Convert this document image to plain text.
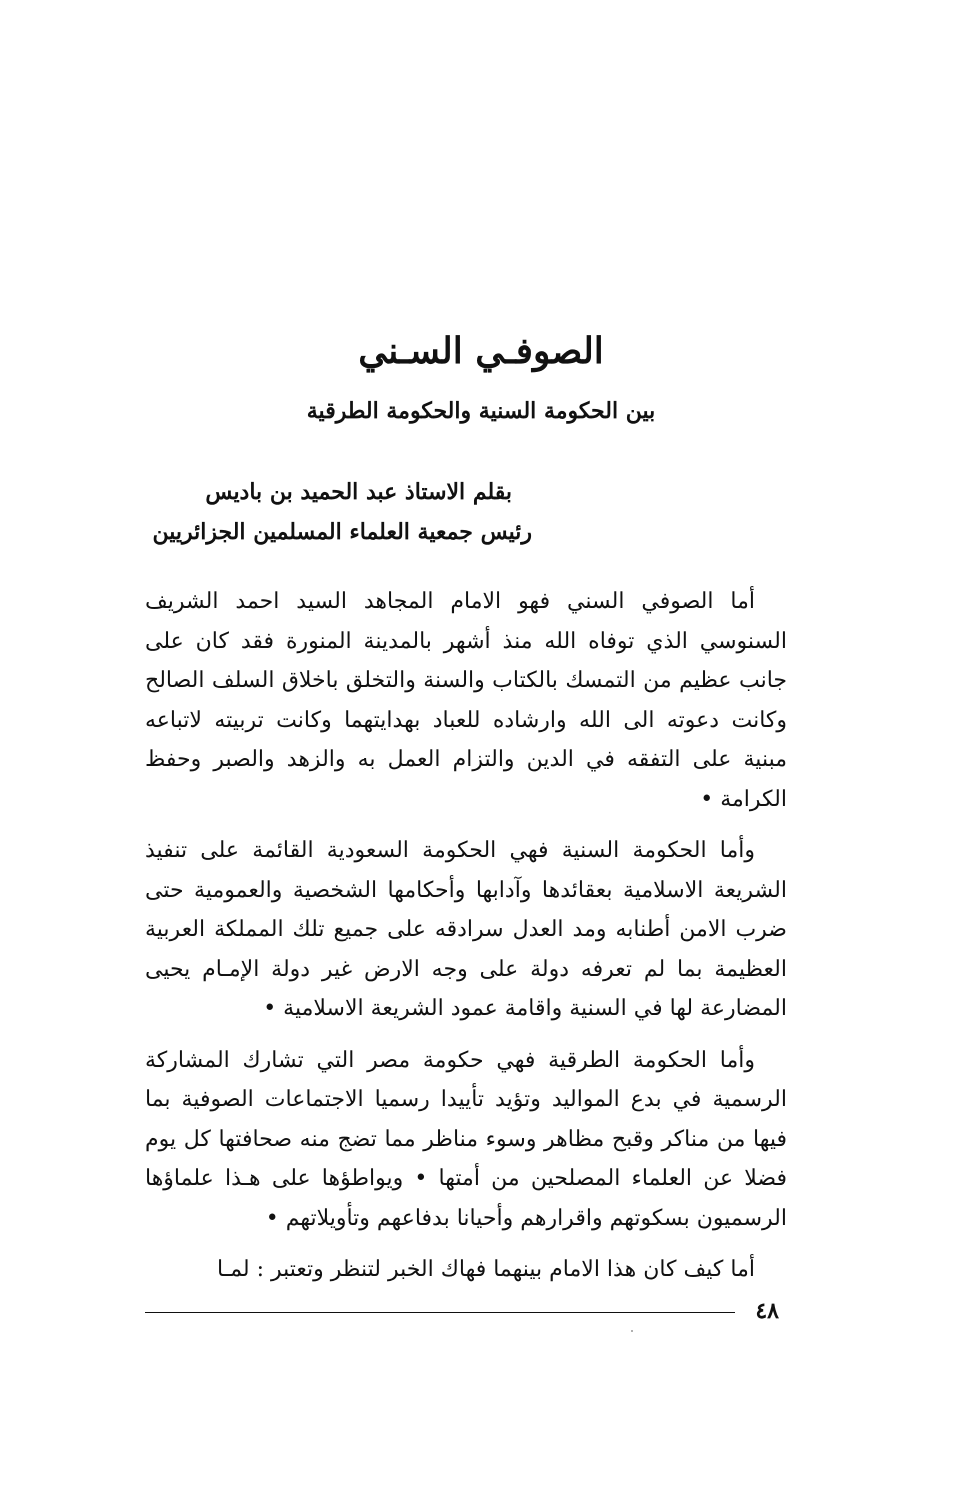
الصوفـي السـني
بين الحكومة السنية والحكومة الطرقية
بقلم الاستاذ عبد الحميد بن باديس
رئيس جمعية العلماء المسلمين الجزائريين

أما الصوفي السني فهو الامام المجاهد السيد احمد الشريف السنوسي الذي توفاه الله منذ أشهر بالمدينة المنورة فقد كان على جانب عظيم من التمسك بالكتاب والسنة والتخلق باخلاق السلف الصالح وكانت دعوته الى الله وارشاده للعباد بهدايتهما وكانت تربيته لاتباعه مبنية على التفقه في الدين والتزام العمل به والزهد والصبر وحفظ الكرامة •

وأما الحكومة السنية فهي الحكومة السعودية القائمة على تنفيذ الشريعة الاسلامية بعقائدها وآدابها وأحكامها الشخصية والعمومية حتى ضرب الامن أطنابه ومد العدل سرادقه على جميع تلك المملكة العربية العظيمة بما لم تعرفه دولة على وجه الارض غير دولة الإمـام يحيى المضارعة لها في السنية واقامة عمود الشريعة الاسلامية •

وأما الحكومة الطرقية فهي حكومة مصر التي تشارك المشاركة الرسمية في بدع المواليد وتؤيد تأييدا رسميا الاجتماعات الصوفية بما فيها من مناكر وقبح مظاهر وسوء مناظر مما تضج منه صحافتها كل يوم فضلا عن العلماء المصلحين من أمتها • ويواطؤها على هـذا علماؤها الرسميون بسكوتهم واقرارهم وأحيانا بدفاعهم وتأويلاتهم •

أما كيف كان هذا الامام بينهما فهاك الخبر لتنظر وتعتبر : لمـا

٤٨
